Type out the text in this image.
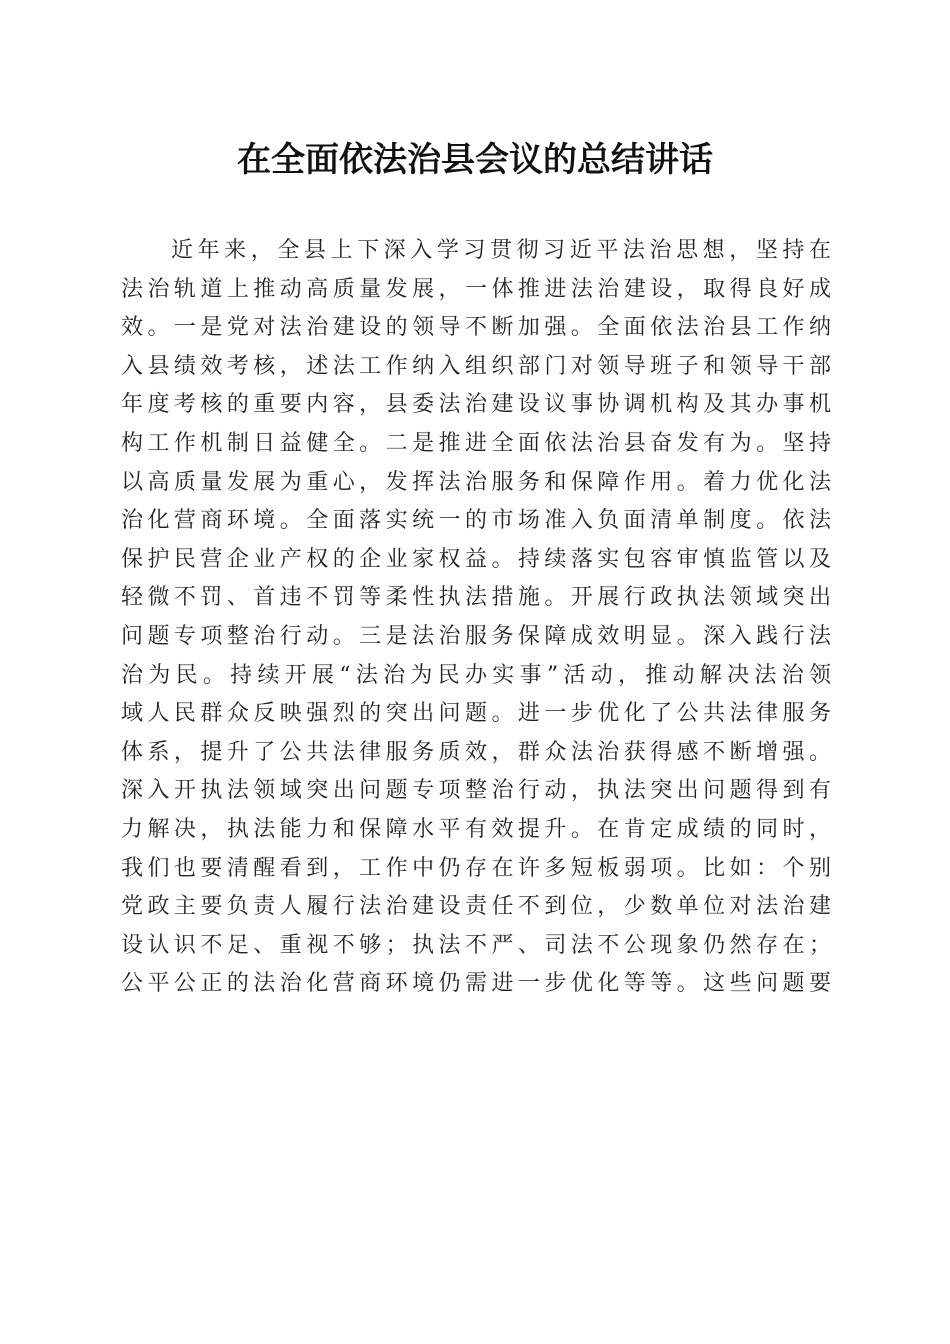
在全面依法治县会议的总结讲话
近年来，全县上下深入学习贯彻习近平法治思想，坚持在
法治轨道上推动高质量发展，一体推进法治建设，取得良好成
效。一是党对法治建设的领导不断加强。全面依法治县工作纳
入县绩效考核，述法工作纳入组织部门对领导班子和领导干部
年度考核的重要内容，县委法治建设议事协调机构及其办事机
构工作机制日益健全。二是推进全面依法治县奋发有为。坚持
以高质量发展为重心，发挥法治服务和保障作用。着力优化法
治化营商环境。全面落实统一的市场准入负面清单制度。依法
保护民营企业产权的企业家权益。持续落实包容审慎监管以及
轻微不罚、首违不罚等柔性执法措施。开展行政执法领域突出
问题专项整治行动。三是法治服务保障成效明显。深入践行法
治为民。持续开展“法治为民办实事”活动，推动解决法治领
域人民群众反映强烈的突出问题。进一步优化了公共法律服务
体系，提升了公共法律服务质效，群众法治获得感不断增强。
深入开执法领域突出问题专项整治行动，执法突出问题得到有
力解决，执法能力和保障水平有效提升。在肯定成绩的同时，
我们也要清醒看到，工作中仍存在许多短板弱项。比如：个别
党政主要负责人履行法治建设责任不到位，少数单位对法治建
设认识不足、重视不够；执法不严、司法不公现象仍然存在；
公平公正的法治化营商环境仍需进一步优化等等。这些问题要
